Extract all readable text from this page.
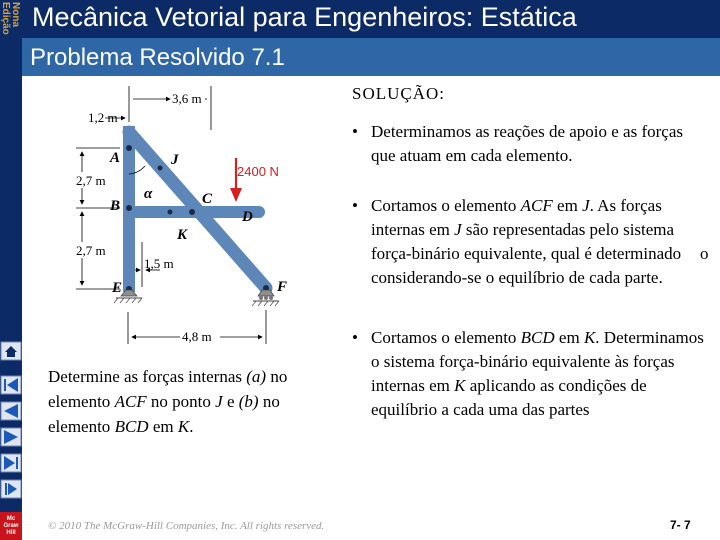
Nona
Edição
Mc
Graw
Hill
Mecânica Vetorial para Engenheiros: Estática
Problema Resolvido 7.1
2400 N
A
B	C
D
E	F
J
K
α
3,6 m
1,2 m
2,7 m
2,7 m
1,5 m
4,8 m
Determine as forças internas (a) no elemento ACF no ponto J e (b) no elemento BCD em K.
SOLUÇÃO:
• Determinamos as reações de apoio e as forças que atuam em cada elemento.
• Cortamos o elemento ACF em J. As forças internas em J são representadas pelo sistema força-binário equivalente, qual é determinado considerando-se o equilíbrio de cada parte.
o
• Cortamos o elemento BCD em K. Determinamos o sistema força-binário equivalente às forças internas em K aplicando as condições de equilíbrio a cada uma das partes
© 2010 The McGraw-Hill Companies, Inc. All rights reserved.	7- 7
